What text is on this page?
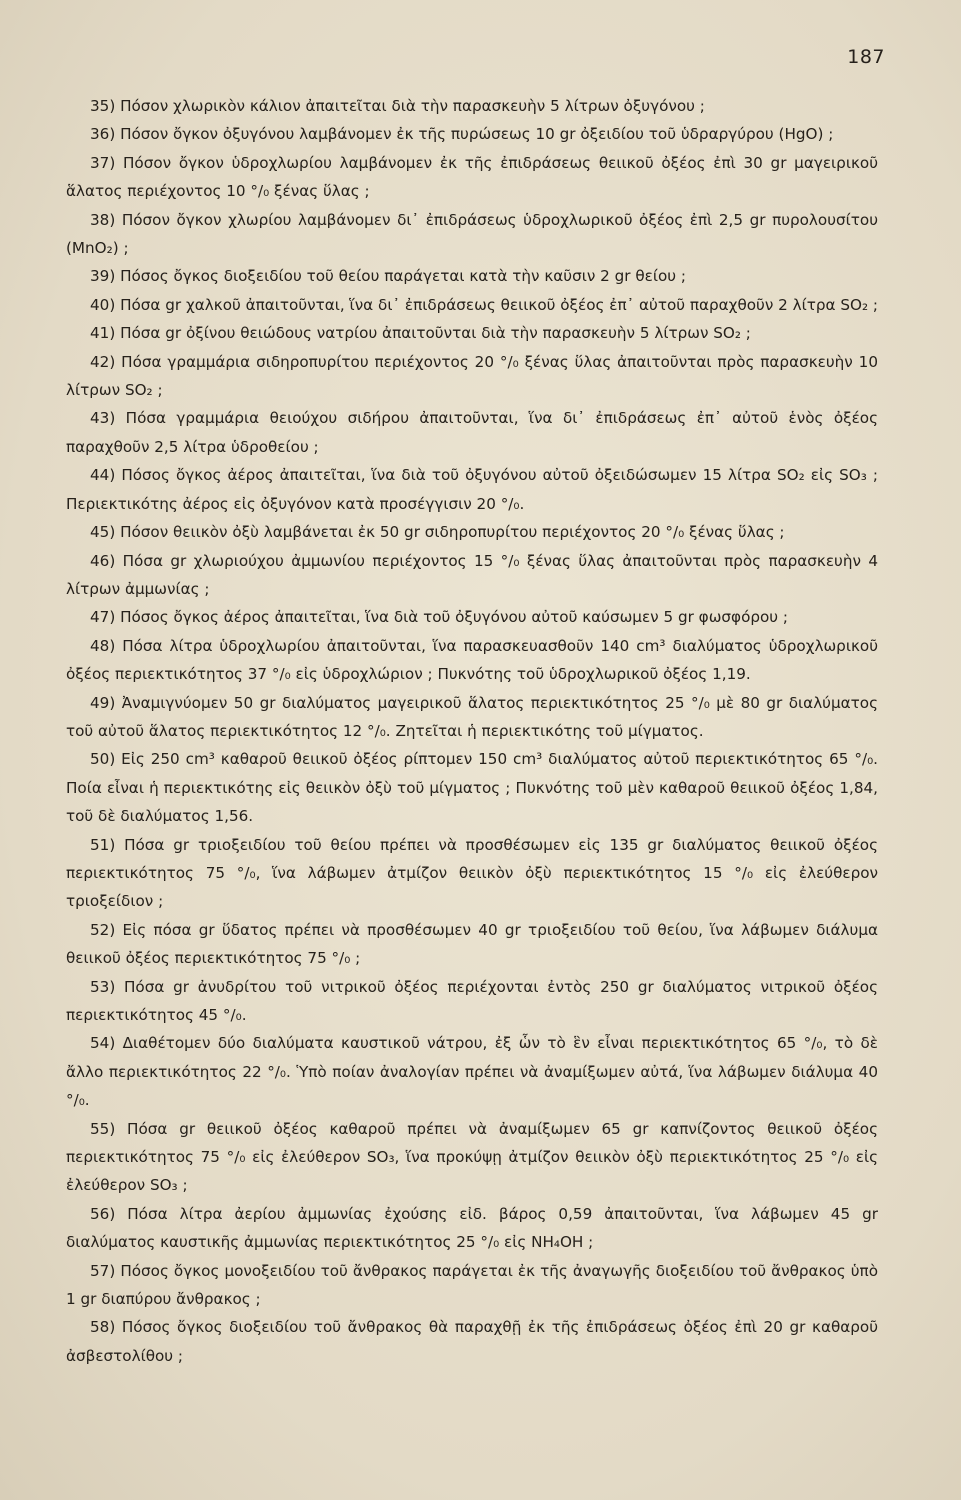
187

35) Πόσον χλωρικὸν κάλιον ἀπαιτεῖται διὰ τὴν παρασκευὴν 5 λίτρων ὀξυγόνου ;

36) Πόσον ὄγκον ὀξυγόνου λαμβάνομεν ἐκ τῆς πυρώσεως 10 gr ὀξειδίου τοῦ ὑδραργύρου (HgO) ;

37) Πόσον ὄγκον ὑδροχλωρίου λαμβάνομεν ἐκ τῆς ἐπιδράσεως θειικοῦ ὀξέος ἐπὶ 30 gr μαγειρικοῦ ἅλατος περιέχοντος 10 °/₀ ξένας ὕλας ;

38) Πόσον ὄγκον χλωρίου λαμβάνομεν δι᾽ ἐπιδράσεως ὑδροχλωρικοῦ ὀξέος ἐπὶ 2,5 gr πυρολουσίτου (MnO₂) ;

39) Πόσος ὄγκος διοξειδίου τοῦ θείου παράγεται κατὰ τὴν καῦσιν 2 gr θείου ;

40) Πόσα gr χαλκοῦ ἀπαιτοῦνται, ἵνα δι᾽ ἐπιδράσεως θειικοῦ ὀξέος ἐπ᾽ αὐτοῦ παραχθοῦν 2 λίτρα SO₂ ;

41) Πόσα gr ὀξίνου θειώδους νατρίου ἀπαιτοῦνται διὰ τὴν παρασκευὴν 5 λίτρων SO₂ ;

42) Πόσα γραμμάρια σιδηροπυρίτου περιέχοντος 20 °/₀ ξένας ὕλας ἀπαιτοῦνται πρὸς παρασκευὴν 10 λίτρων SO₂ ;

43) Πόσα γραμμάρια θειούχου σιδήρου ἀπαιτοῦνται, ἵνα δι᾽ ἐπιδράσεως ἐπ᾽ αὐτοῦ ἑνὸς ὀξέος παραχθοῦν 2,5 λίτρα ὑδροθείου ;

44) Πόσος ὄγκος ἀέρος ἀπαιτεῖται, ἵνα διὰ τοῦ ὀξυγόνου αὐτοῦ ὀξειδώσωμεν 15 λίτρα SO₂ εἰς SO₃ ; Περιεκτικότης ἀέρος εἰς ὀξυγόνον κατὰ προσέγγισιν 20 °/₀.

45) Πόσον θειικὸν ὀξὺ λαμβάνεται ἐκ 50 gr σιδηροπυρίτου περιέχοντος 20 °/₀ ξένας ὕλας ;

46) Πόσα gr χλωριούχου ἀμμωνίου περιέχοντος 15 °/₀ ξένας ὕλας ἀπαιτοῦνται πρὸς παρασκευὴν 4 λίτρων ἀμμωνίας ;

47) Πόσος ὄγκος ἀέρος ἀπαιτεῖται, ἵνα διὰ τοῦ ὀξυγόνου αὐτοῦ καύσωμεν 5 gr φωσφόρου ;

48) Πόσα λίτρα ὑδροχλωρίου ἀπαιτοῦνται, ἵνα παρασκευασθοῦν 140 cm³ διαλύματος ὑδροχλωρικοῦ ὀξέος περιεκτικότητος 37 °/₀ εἰς ὑδροχλώριον ; Πυκνότης τοῦ ὑδροχλωρικοῦ ὀξέος 1,19.

49) Ἀναμιγνύομεν 50 gr διαλύματος μαγειρικοῦ ἅλατος περιεκτικότητος 25 °/₀ μὲ 80 gr διαλύματος τοῦ αὐτοῦ ἅλατος περιεκτικότητος 12 °/₀. Ζητεῖται ἡ περιεκτικότης τοῦ μίγματος.

50) Εἰς 250 cm³ καθαροῦ θειικοῦ ὀξέος ρίπτομεν 150 cm³ διαλύματος αὐτοῦ περιεκτικότητος 65 °/₀. Ποία εἶναι ἡ περιεκτικότης εἰς θειικὸν ὀξὺ τοῦ μίγματος ; Πυκνότης τοῦ μὲν καθαροῦ θειικοῦ ὀξέος 1,84, τοῦ δὲ διαλύματος 1,56.

51) Πόσα gr τριοξειδίου τοῦ θείου πρέπει νὰ προσθέσωμεν εἰς 135 gr διαλύματος θειικοῦ ὀξέος περιεκτικότητος 75 °/₀, ἵνα λάβωμεν ἀτμίζον θειικὸν ὀξὺ περιεκτικότητος 15 °/₀ εἰς ἐλεύθερον τριοξείδιον ;

52) Εἰς πόσα gr ὕδατος πρέπει νὰ προσθέσωμεν 40 gr τριοξειδίου τοῦ θείου, ἵνα λάβωμεν διάλυμα θειικοῦ ὀξέος περιεκτικότητος 75 °/₀ ;

53) Πόσα gr ἀνυδρίτου τοῦ νιτρικοῦ ὀξέος περιέχονται ἐντὸς 250 gr διαλύματος νιτρικοῦ ὀξέος περιεκτικότητος 45 °/₀.

54) Διαθέτομεν δύο διαλύματα καυστικοῦ νάτρου, ἐξ ὧν τὸ ἓν εἶναι περιεκτικότητος 65 °/₀, τὸ δὲ ἄλλο περιεκτικότητος 22 °/₀. Ὑπὸ ποίαν ἀναλογίαν πρέπει νὰ ἀναμίξωμεν αὐτά, ἵνα λάβωμεν διάλυμα 40 °/₀.

55) Πόσα gr θειικοῦ ὀξέος καθαροῦ πρέπει νὰ ἀναμίξωμεν 65 gr καπνίζοντος θειικοῦ ὀξέος περιεκτικότητος 75 °/₀ εἰς ἐλεύθερον SO₃, ἵνα προκύψῃ ἀτμίζον θειικὸν ὀξὺ περιεκτικότητος 25 °/₀ εἰς ἐλεύθερον SO₃ ;

56) Πόσα λίτρα ἀερίου ἀμμωνίας ἐχούσης εἰδ. βάρος 0,59 ἀπαιτοῦνται, ἵνα λάβωμεν 45 gr διαλύματος καυστικῆς ἀμμωνίας περιεκτικότητος 25 °/₀ εἰς NH₄OH ;

57) Πόσος ὄγκος μονοξειδίου τοῦ ἄνθρακος παράγεται ἐκ τῆς ἀναγωγῆς διοξειδίου τοῦ ἄνθρακος ὑπὸ 1 gr διαπύρου ἄνθρακος ;

58) Πόσος ὄγκος διοξειδίου τοῦ ἄνθρακος θὰ παραχθῇ ἐκ τῆς ἐπιδράσεως ὀξέος ἐπὶ 20 gr καθαροῦ ἀσβεστολίθου ;
